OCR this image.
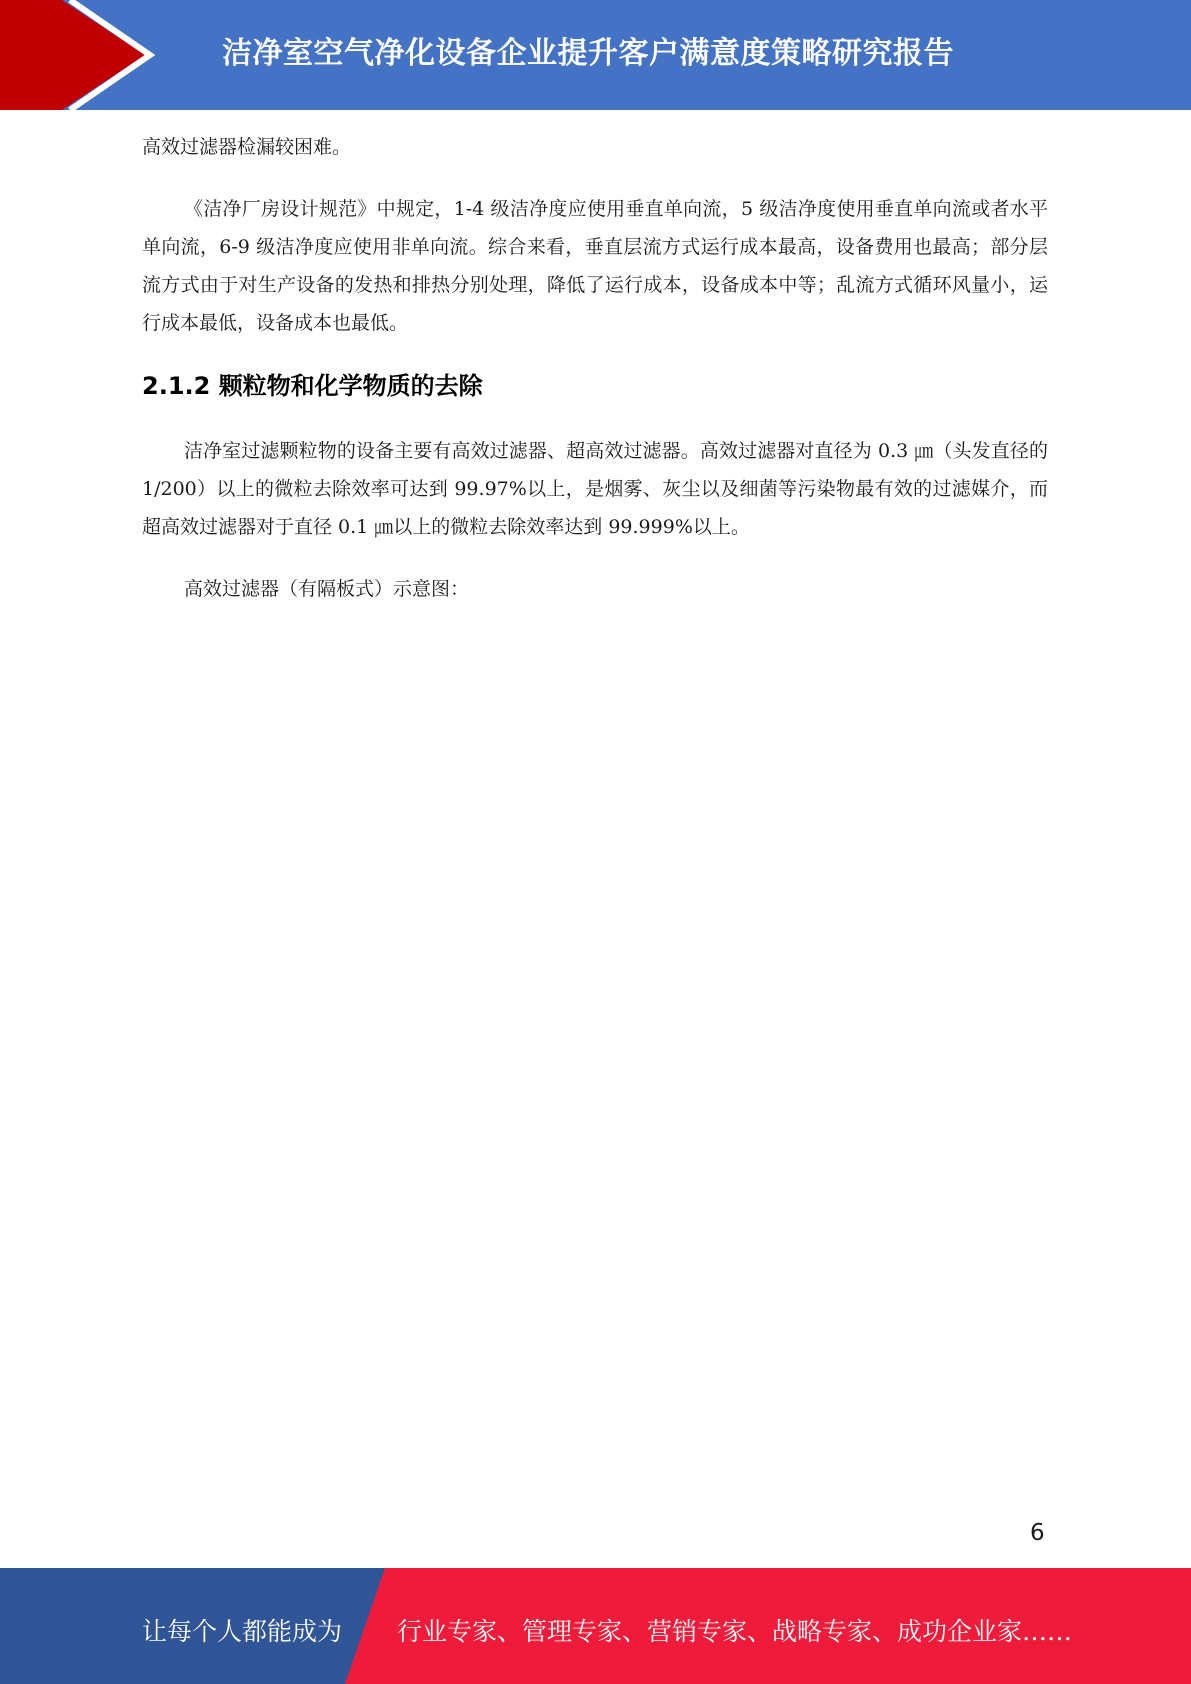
洁净室空气净化设备企业提升客户满意度策略研究报告

高效过滤器检漏较困难。

《洁净厂房设计规范》中规定，1-4 级洁净度应使用垂直单向流，5 级洁净度使用垂直单向流或者水平单向流，6-9 级洁净度应使用非单向流。综合来看，垂直层流方式运行成本最高，设备费用也最高；部分层流方式由于对生产设备的发热和排热分别处理，降低了运行成本，设备成本中等；乱流方式循环风量小，运行成本最低，设备成本也最低。

2.1.2 颗粒物和化学物质的去除

洁净室过滤颗粒物的设备主要有高效过滤器、超高效过滤器。高效过滤器对直径为 0.3 ㎛（头发直径的 1/200）以上的微粒去除效率可达到 99.97%以上，是烟雾、灰尘以及细菌等污染物最有效的过滤媒介，而超高效过滤器对于直径 0.1 ㎛以上的微粒去除效率达到 99.999%以上。

高效过滤器（有隔板式）示意图：

6
让每个人都能成为 行业专家、管理专家、营销专家、战略专家、成功企业家……
